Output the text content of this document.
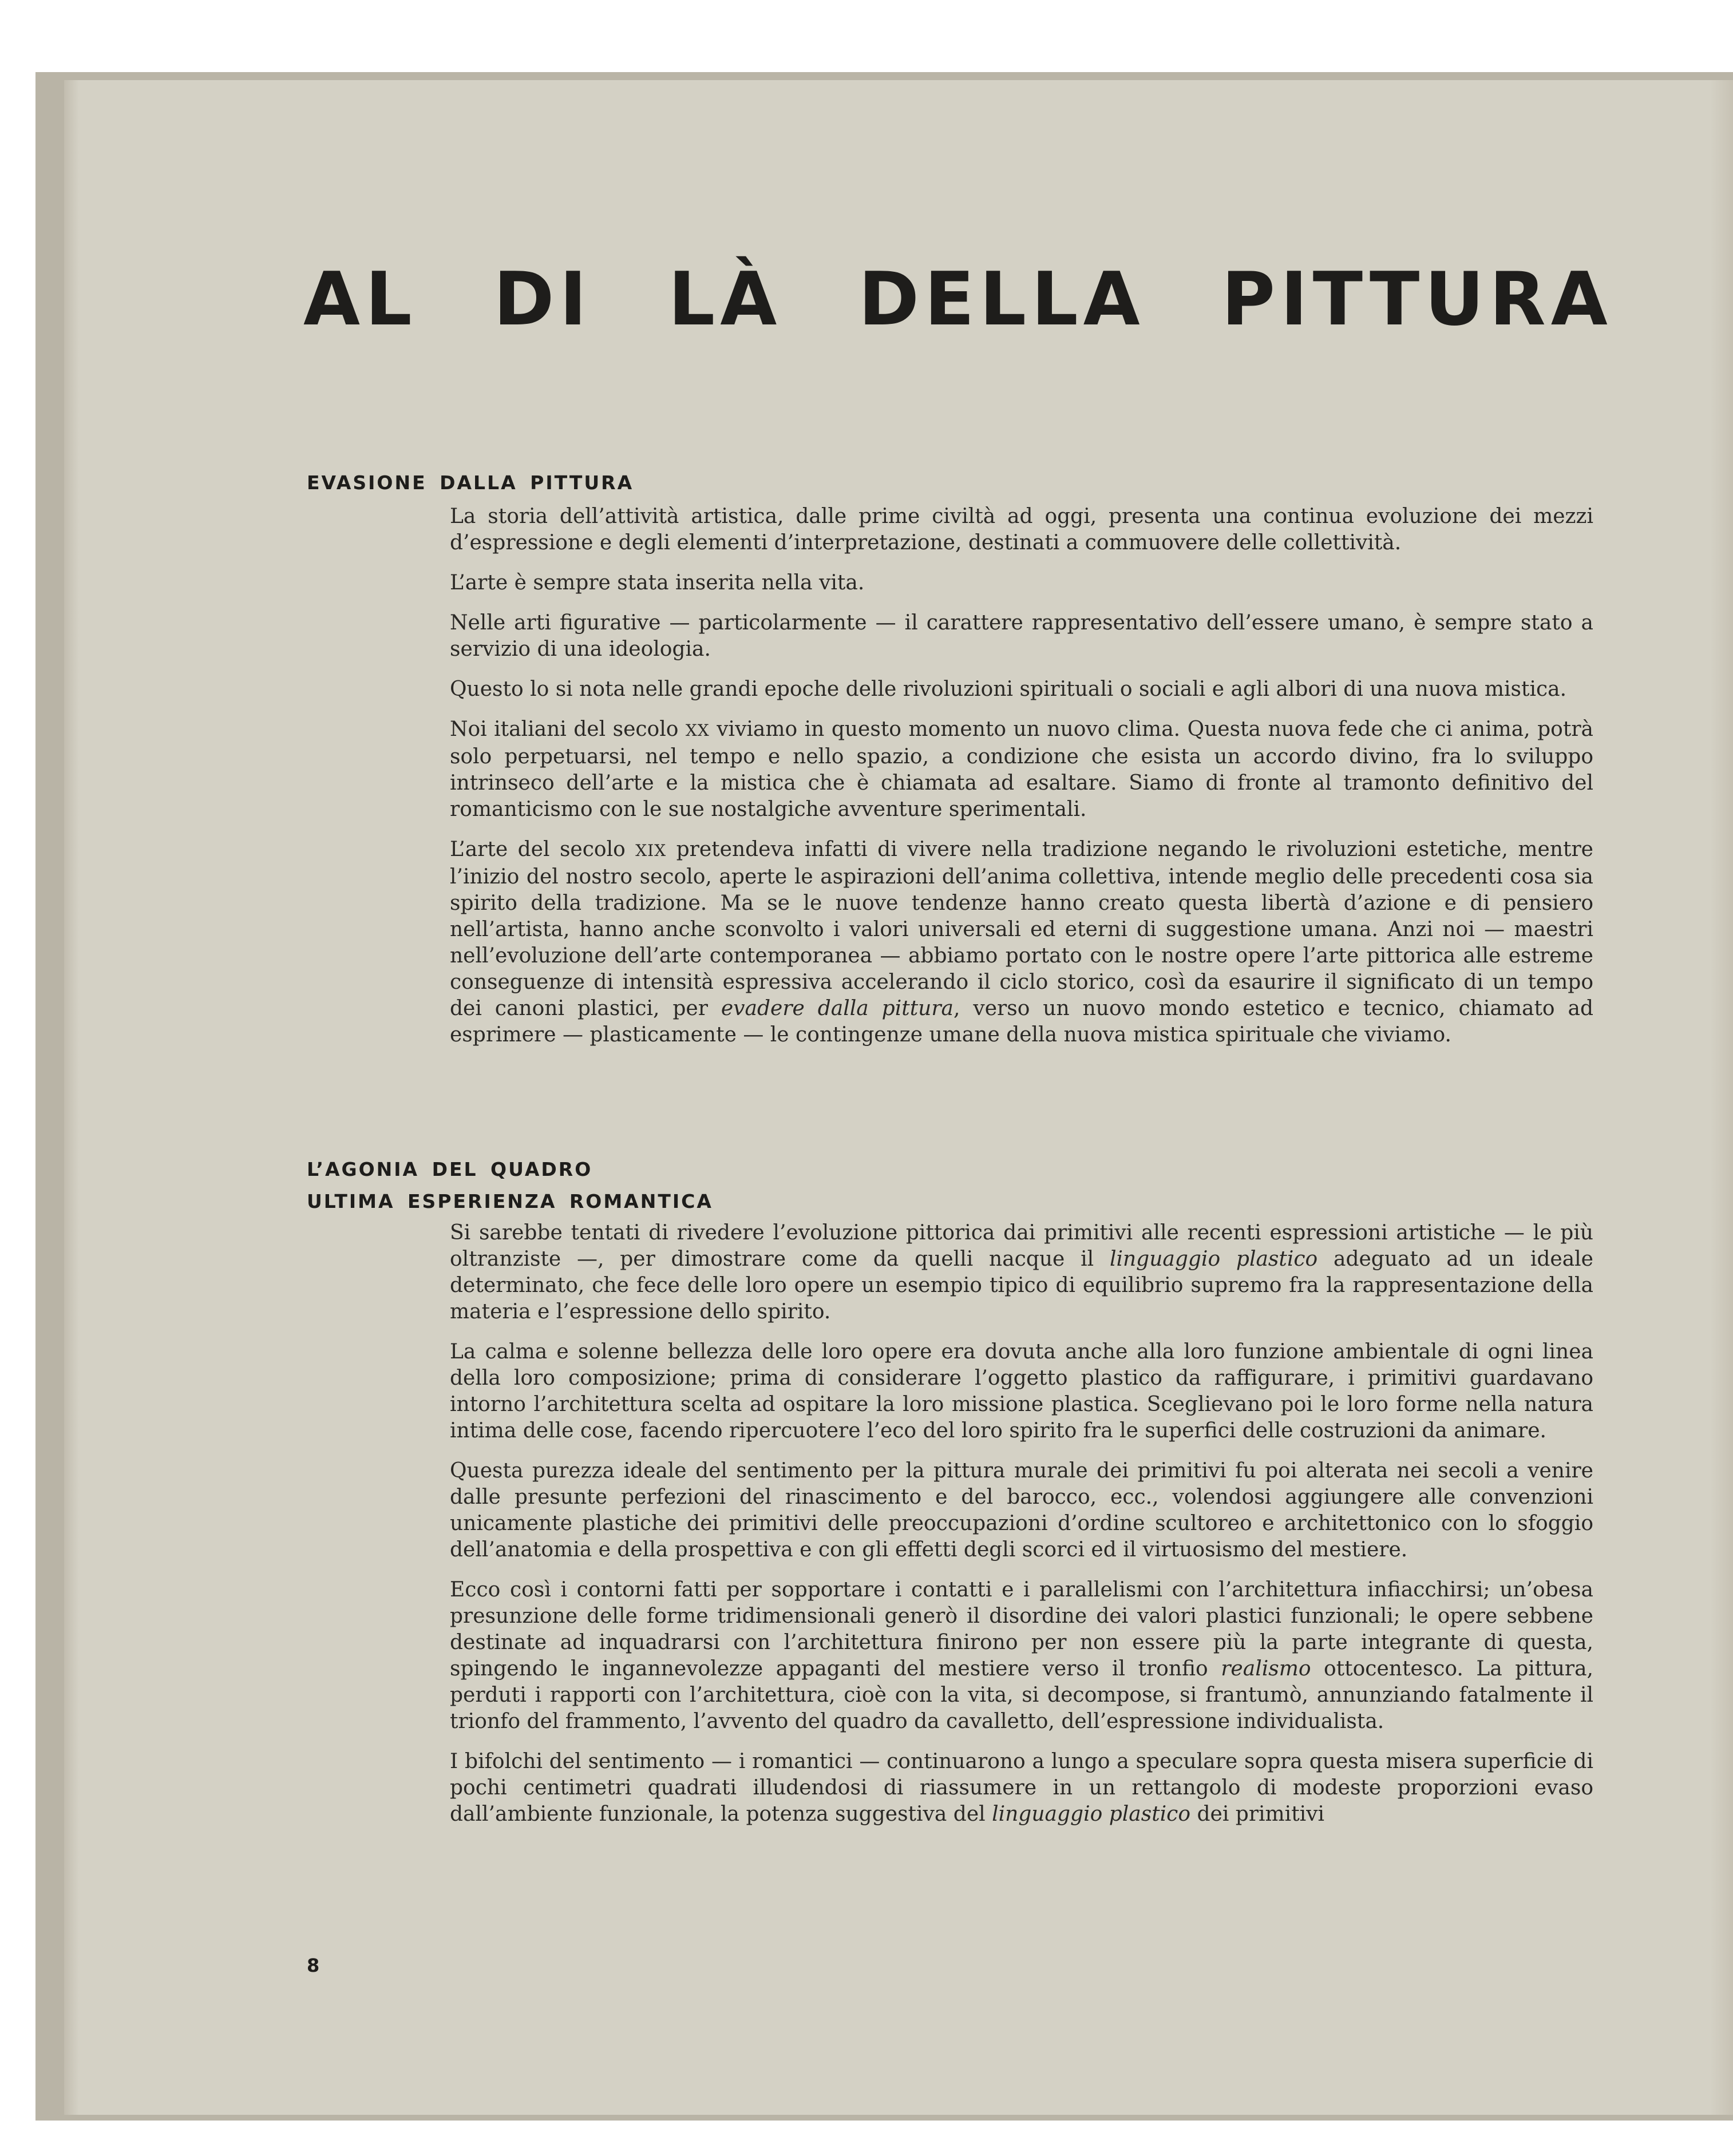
AL DI LÀ DELLA PITTURA
EVASIONE DALLA PITTURA

La storia dell’attività artistica, dalle prime civiltà ad oggi, presenta una continua evoluzione dei mezzi d’espressione e degli elementi d’interpretazione, destinati a commuovere delle collettività.

L’arte è sempre stata inserita nella vita.

Nelle arti figurative — particolarmente — il carattere rappresentativo dell’essere umano, è sempre stato a servizio di una ideologia.

Questo lo si nota nelle grandi epoche delle rivoluzioni spirituali o sociali e agli albori di una nuova mistica.

Noi italiani del secolo XX viviamo in questo momento un nuovo clima. Questa nuova fede che ci anima, potrà solo perpetuarsi, nel tempo e nello spazio, a condizione che esista un accordo divino, fra lo sviluppo intrinseco dell’arte e la mistica che è chiamata ad esaltare. Siamo di fronte al tramonto definitivo del romanticismo con le sue nostalgiche avventure sperimentali.

L’arte del secolo XIX pretendeva infatti di vivere nella tradizione negando le rivoluzioni estetiche, mentre l’inizio del nostro secolo, aperte le aspirazioni dell’anima collettiva, intende meglio delle precedenti cosa sia spirito della tradizione. Ma se le nuove tendenze hanno creato questa libertà d’azione e di pensiero nell’artista, hanno anche sconvolto i valori universali ed eterni di suggestione umana. Anzi noi — maestri nell’evoluzione dell’arte contemporanea — abbiamo portato con le nostre opere l’arte pittorica alle estreme conseguenze di intensità espressiva accelerando il ciclo storico, così da esaurire il significato di un tempo dei canoni plastici, per evadere dalla pittura, verso un nuovo mondo estetico e tecnico, chiamato ad esprimere — plasticamente — le contingenze umane della nuova mistica spirituale che viviamo.

L’AGONIA DEL QUADRO
ULTIMA ESPERIENZA ROMANTICA

Si sarebbe tentati di rivedere l’evoluzione pittorica dai primitivi alle recenti espressioni artistiche — le più oltranziste —, per dimostrare come da quelli nacque il linguaggio plastico adeguato ad un ideale determinato, che fece delle loro opere un esempio tipico di equilibrio supremo fra la rappresentazione della materia e l’espressione dello spirito.

La calma e solenne bellezza delle loro opere era dovuta anche alla loro funzione ambientale di ogni linea della loro composizione; prima di considerare l’oggetto plastico da raffigurare, i primitivi guardavano intorno l’architettura scelta ad ospitare la loro missione plastica. Sceglievano poi le loro forme nella natura intima delle cose, facendo ripercuotere l’eco del loro spirito fra le superfici delle costruzioni da animare.

Questa purezza ideale del sentimento per la pittura murale dei primitivi fu poi alterata nei secoli a venire dalle presunte perfezioni del rinascimento e del barocco, ecc., volendosi aggiungere alle convenzioni unicamente plastiche dei primitivi delle preoccupazioni d’ordine scultoreo e architettonico con lo sfoggio dell’anatomia e della prospettiva e con gli effetti degli scorci ed il virtuosismo del mestiere.

Ecco così i contorni fatti per sopportare i contatti e i parallelismi con l’architettura infiacchirsi; un’obesa presunzione delle forme tridimensionali generò il disordine dei valori plastici funzionali; le opere sebbene destinate ad inquadrarsi con l’architettura finirono per non essere più la parte integrante di questa, spingendo le ingannevolezze appaganti del mestiere verso il tronfio realismo ottocentesco. La pittura, perduti i rapporti con l’architettura, cioè con la vita, si decompose, si frantumò, annunziando fatalmente il trionfo del frammento, l’avvento del quadro da cavalletto, dell’espressione individualista.

I bifolchi del sentimento — i romantici — continuarono a lungo a speculare sopra questa misera superficie di pochi centimetri quadrati illudendosi di riassumere in un rettangolo di modeste proporzioni evaso dall’ambiente funzionale, la potenza suggestiva del linguaggio plastico dei primitivi

8
